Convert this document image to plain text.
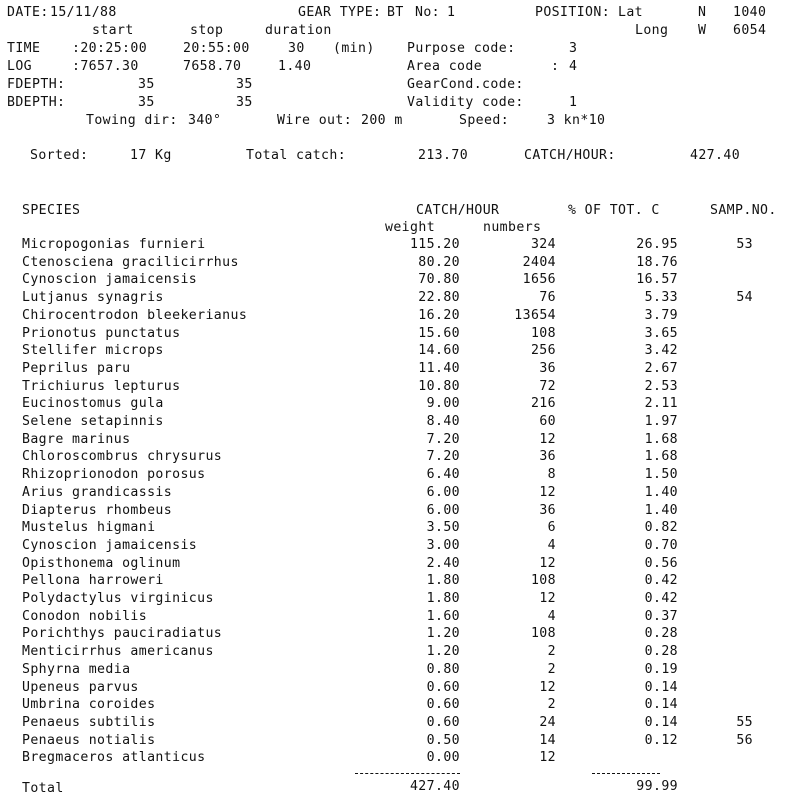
DATE: 15/11/88	GEAR TYPE: BT No: 1	POSITION: Lat	N 1040
start	stop	duration	Long W 6054
TIME :20:25:00	20:55:00	30 (min) Purpose code:	3
LOG	:7657.30	7658.70	1.40	Area code	: 4
FDEPTH:	35	35	GearCond.code:
BDEPTH:	35	35	Validity code:	1
Towing dir: 340°	Wire out: 200 m	Speed:	3 kn*10
Sorted:	17 Kg	Total catch:	213.70	CATCH/HOUR:	427.40
SPECIES	CATCH/HOUR	% OF TOT. C	SAMP.NO.
weight	numbers
Micropogonias furnieri	115.20	324	26.95	53
Ctenosciena gracilicirrhus	80.20	2404	18.76
Cynoscion jamaicensis	70.80	1656	16.57
Lutjanus synagris	22.80	76	5.33	54
Chirocentrodon bleekerianus	16.20	13654	3.79
Prionotus punctatus	15.60	108	3.65
Stellifer microps	14.60	256	3.42
Peprilus paru	11.40	36	2.67
Trichiurus lepturus	10.80	72	2.53
Eucinostomus gula	9.00	216	2.11
Selene setapinnis	8.40	60	1.97
Bagre marinus	7.20	12	1.68
Chloroscombrus chrysurus	7.20	36	1.68
Rhizoprionodon porosus	6.40	8	1.50
Arius grandicassis	6.00	12	1.40
Diapterus rhombeus	6.00	36	1.40
Mustelus higmani	3.50	6	0.82
Cynoscion jamaicensis	3.00	4	0.70
Opisthonema oglinum	2.40	12	0.56
Pellona harroweri	1.80	108	0.42
Polydactylus virginicus	1.80	12	0.42
Conodon nobilis	1.60	4	0.37
Porichthys pauciradiatus	1.20	108	0.28
Menticirrhus americanus	1.20	2	0.28
Sphyrna media	0.80	2	0.19
Upeneus parvus	0.60	12	0.14
Umbrina coroides	0.60	2	0.14
Penaeus subtilis	0.60	24	0.14	55
Penaeus notialis	0.50	14	0.12	56
Bregmaceros atlanticus	0.00	12
Total	427.40	99.99
